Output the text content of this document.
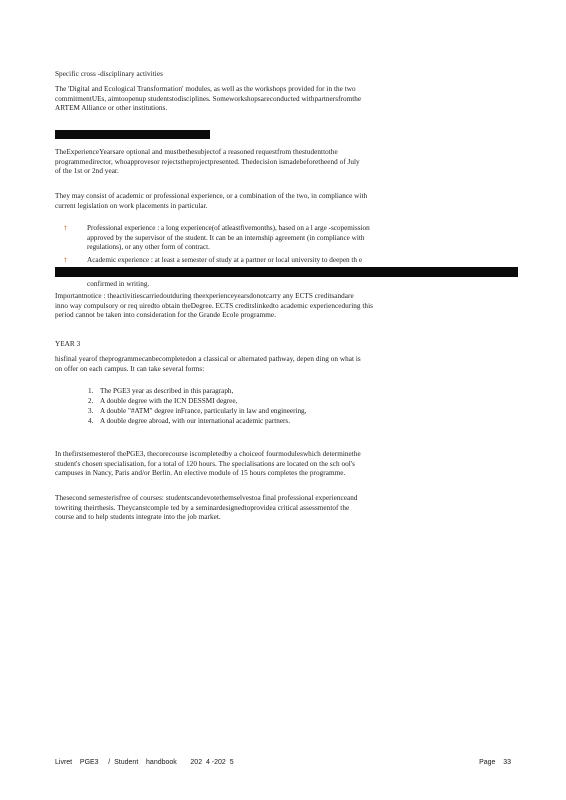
Specific cross -disciplinary activities
The 'Digital and Ecological Transformation' modules, as well as the workshops provided for in the two
commitmentUEs, aimtoopenup studentstodisciplines. Someworkshopsareconducted withpartnersfromthe
ARTEM Alliance or other institutions.
TheExperienceYearsare optional and mustbethesubjectof a reasoned requestfrom thestudenttothe
programmedirector, whoapprovesor rejectstheprojectpresented. Thedecision ismadebeforetheend of July
of the 1st or 2nd year.
They may consist of academic or professional experience, or a combination of the two, in compliance with
current legislation on work placements in particular.
†	Professional experience : a long experience(of atleastfivemonths), based on a l arge -scopemission
approved by the supervisor of the student. It can be an internship agreement (in compliance with
regulations), or any other form of contract.
†	Academic experience : at least a semester of study at a partner or local university to deepen th e
confirmed in writing.
Importantnotice : theactivitiescarriedoutduring theexperienceyearsdonotcarry any ECTS creditsandare
inno way compulsory or req uiredto obtain theDegree. ECTS creditslinkedto academic experienceduring this
period cannot be taken into consideration for the Grande Ecole programme.
YEAR 3
hisfinal yearof theprogrammecanbecompletedon a classical or alternated pathway, depen ding on what is
on offer on each campus. It can take several forms:
1. The PGE3 year as described in this paragraph,
2. A double degree with the ICN DESSMI degree,
3. A double "#ATM" degree inFrance, particularly in law and engineering,
4. A double degree abroad, with our international academic partners.
In thefirstsemesterof thePGE3, thecorecourse iscompletedby a choiceof fourmoduleswhich determinethe
student's chosen specialisation, for a total of 120 hours. The specialisations are located on the sch ool's
campuses in Nancy, Paris and/or Berlin. An elective module of 15 hours completes the programme.
Thesecond semesterisfree of courses: studentscandevotethemselvestoa final professional experienceand
towriting theirthesis. Theycanstcomple ted by a seminardesignedtoprovidea critical assessmentof the
course and to help students integrate into the job market.
Livret    PGE3     /  Student    handbook       202  4 -202  5	Page    33
